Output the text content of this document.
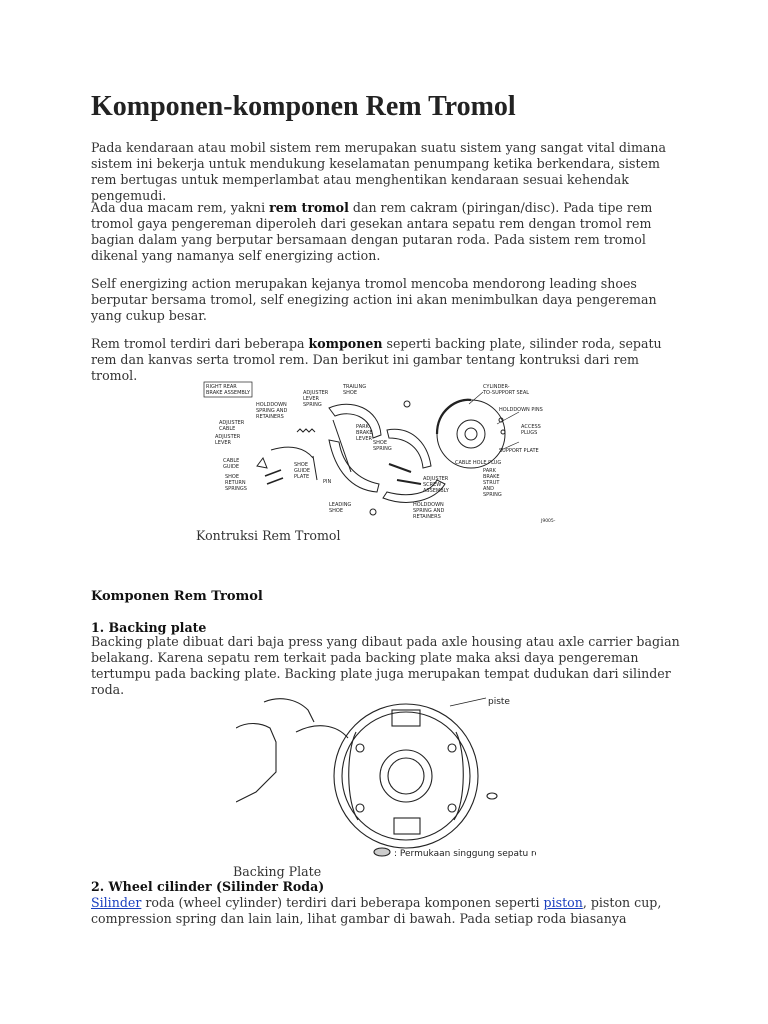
Komponen-komponen Rem Tromol

Pada kendaraan atau mobil sistem rem merupakan suatu sistem yang sangat vital dimana sistem ini bekerja untuk mendukung keselamatan penumpang ketika berkendara, sistem rem bertugas untuk memperlambat atau menghentikan kendaraan sesuai kehendak pengemudi.

Ada dua macam rem, yakni rem tromol dan rem cakram (piringan/disc). Pada tipe rem tromol gaya pengereman diperoleh dari gesekan antara sepatu rem dengan tromol rem bagian dalam yang berputar bersamaan dengan putaran roda. Pada sistem rem tromol dikenal yang namanya self energizing action.

Self energizing action merupakan kejanya tromol mencoba mendorong leading shoes berputar bersama tromol, self enegizing action ini akan menimbulkan daya pengereman yang cukup besar.

Rem tromol terdiri dari beberapa komponen seperti backing plate, silinder roda, sepatu rem dan kanvas serta tromol rem. Dan berikut ini gambar tentang kontruksi dari rem tromol.

RIGHT REAR
BRAKE ASSEMBLY
HOLDDOWN
SPRING AND
RETAINERS
ADJUSTER
CABLE
ADJUSTER
LEVER
ADJUSTER
LEVER
SPRING
TRAILING
SHOE
CABLE
GUIDE
SHOE
RETURN
SPRINGS
SHOE
GUIDE
PLATE
PIN
PARK
BRAKE
LEVER
SHOE
SPRING
LEADING
SHOE
HOLDDOWN
SPRING AND
RETAINERS
ADJUSTER
SCREW
ASSEMBLY
CYLINDER-
TO-SUPPORT SEAL
HOLDDOWN PINS
ACCESS
PLUGS
SUPPORT PLATE
CABLE HOLE PLUG
PARK
BRAKE
STRUT
AND
SPRING
J9005-

Kontruksi Rem Tromol

Komponen Rem Tromol
1. Backing plate

Backing plate dibuat dari baja press yang dibaut pada axle housing atau axle carrier bagian belakang. Karena sepatu rem terkait pada backing plate maka aksi daya pengereman tertumpu pada backing plate. Backing plate juga merupakan tempat dudukan dari silinder roda.

piste
: Permukaan singgung sepatu rem

Backing Plate

2. Wheel cilinder (Silinder Roda)

Silinder roda (wheel cylinder) terdiri dari beberapa komponen seperti piston, piston cup, compression spring dan lain lain, lihat gambar di bawah. Pada setiap roda biasanya
